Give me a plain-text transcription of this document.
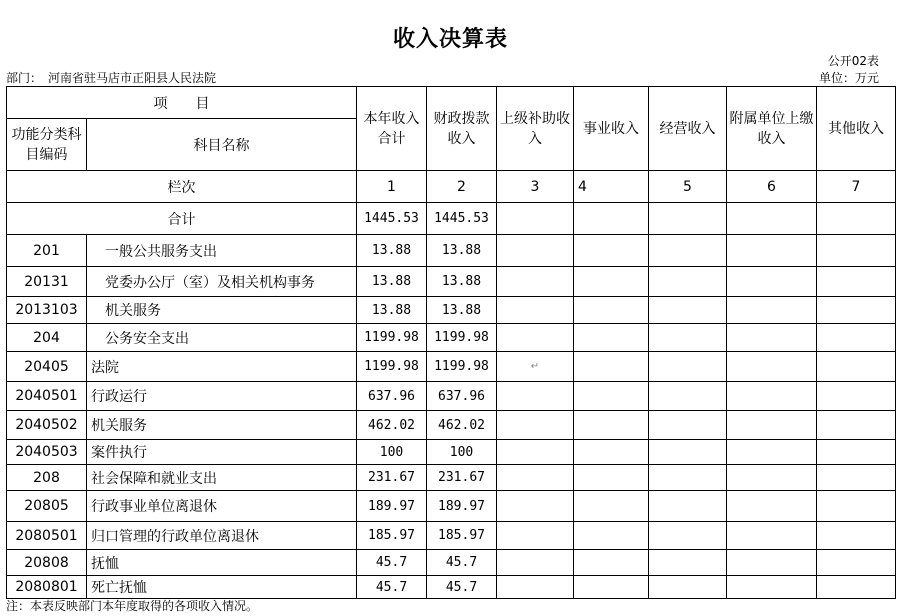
收入决算表
公开02表
部门：　河南省驻马店市正阳县人民法院	单位：万元
项　　目		本年收入合计	财政拨款收入	上级补助收入	事业收入	经营收入	附属单位上缴收入	其他收入
功能分类科目编码	科目名称							
栏次		1	2	3	4	5	6	7
合计		1445.53	1445.53					
201	一般公共服务支出	13.88	13.88					
20131	党委办公厅（室）及相关机构事务	13.88	13.88					
2013103	机关服务	13.88	13.88					
204	公务安全支出	1199.98	1199.98					
20405	法院	1199.98	1199.98	↵				
2040501	行政运行	637.96	637.96					
2040502	机关服务	462.02	462.02					
2040503	案件执行	100	100					
208	社会保障和就业支出	231.67	231.67					
20805	行政事业单位离退休	189.97	189.97					
2080501	归口管理的行政单位离退休	185.97	185.97					
20808	抚恤	45.7	45.7					
2080801	死亡抚恤	45.7	45.7					
注：本表反映部门本年度取得的各项收入情况。
